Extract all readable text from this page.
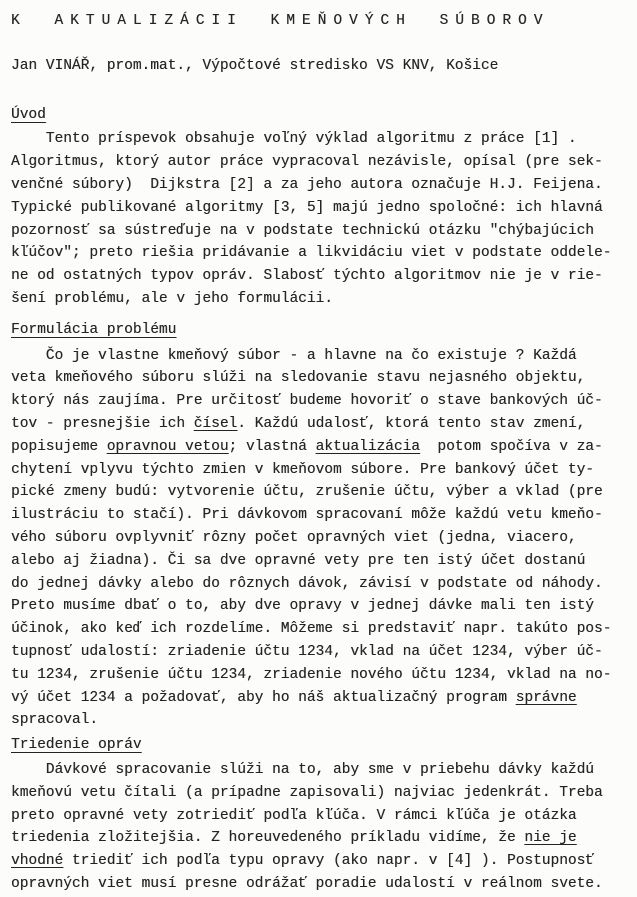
K AKTUALIZÁCII KMEŇOVÝCH SÚBOROV

Jan VINÁŘ, prom.mat., Výpočtové stredisko VS KNV, Košice

Úvod
Tento príspevok obsahuje voľný výklad algoritmu z práce [1] .
Algoritmus, ktorý autor práce vypracoval nezávisle, opísal (pre sek-
venčné súbory)  Dijkstra [2] a za jeho autora označuje H.J. Feijena.
Typické publikované algoritmy [3, 5] majú jedno spoločné: ich hlavná
pozornosť sa sústreďuje na v podstate technickú otázku "chýbajúcich
kľúčov"; preto riešia pridávanie a likvidáciu viet v podstate oddele-
ne od ostatných typov opráv. Slabosť týchto algoritmov nie je v rie-
šení problému, ale v jeho formulácii.
Formulácia problému
Čo je vlastne kmeňový súbor - a hlavne na čo existuje ? Každá
veta kmeňového súboru slúži na sledovanie stavu nejasného objektu,
ktorý nás zaujíma. Pre určitosť budeme hovoriť o stave bankových úč-
tov - presnejšie ich čísel. Každú udalosť, ktorá tento stav zmení,
popisujeme opravnou vetou; vlastná aktualizácia  potom spočíva v za-
chytení vplyvu týchto zmien v kmeňovom súbore. Pre bankový účet ty-
pické zmeny budú: vytvorenie účtu, zrušenie účtu, výber a vklad (pre
ilustráciu to stačí). Pri dávkovom spracovaní môže každú vetu kmeňo-
vého súboru ovplyvniť rôzny počet opravných viet (jedna, viacero,
alebo aj žiadna). Či sa dve opravné vety pre ten istý účet dostanú
do jednej dávky alebo do rôznych dávok, závisí v podstate od náhody.
Preto musíme dbať o to, aby dve opravy v jednej dávke mali ten istý
účinok, ako keď ich rozdelíme. Môžeme si predstaviť napr. takúto pos-
tupnosť udalostí: zriadenie účtu 1234, vklad na účet 1234, výber úč-
tu 1234, zrušenie účtu 1234, zriadenie nového účtu 1234, vklad na no-
vý účet 1234 a požadovať, aby ho náš aktualizačný program správne
spracoval.
Triedenie opráv
Dávkové spracovanie slúži na to, aby sme v priebehu dávky každú
kmeňovú vetu čítali (a prípadne zapisovali) najviac jedenkrát. Treba
preto opravné vety zotriediť podľa kľúča. V rámci kľúča je otázka
triedenia zložitejšia. Z horeuvedeného príkladu vidíme, že nie je
vhodné triediť ich podľa typu opravy (ako napr. v [4] ). Postupnosť
opravných viet musí presne odrážať poradie udalostí v reálnom svete.
